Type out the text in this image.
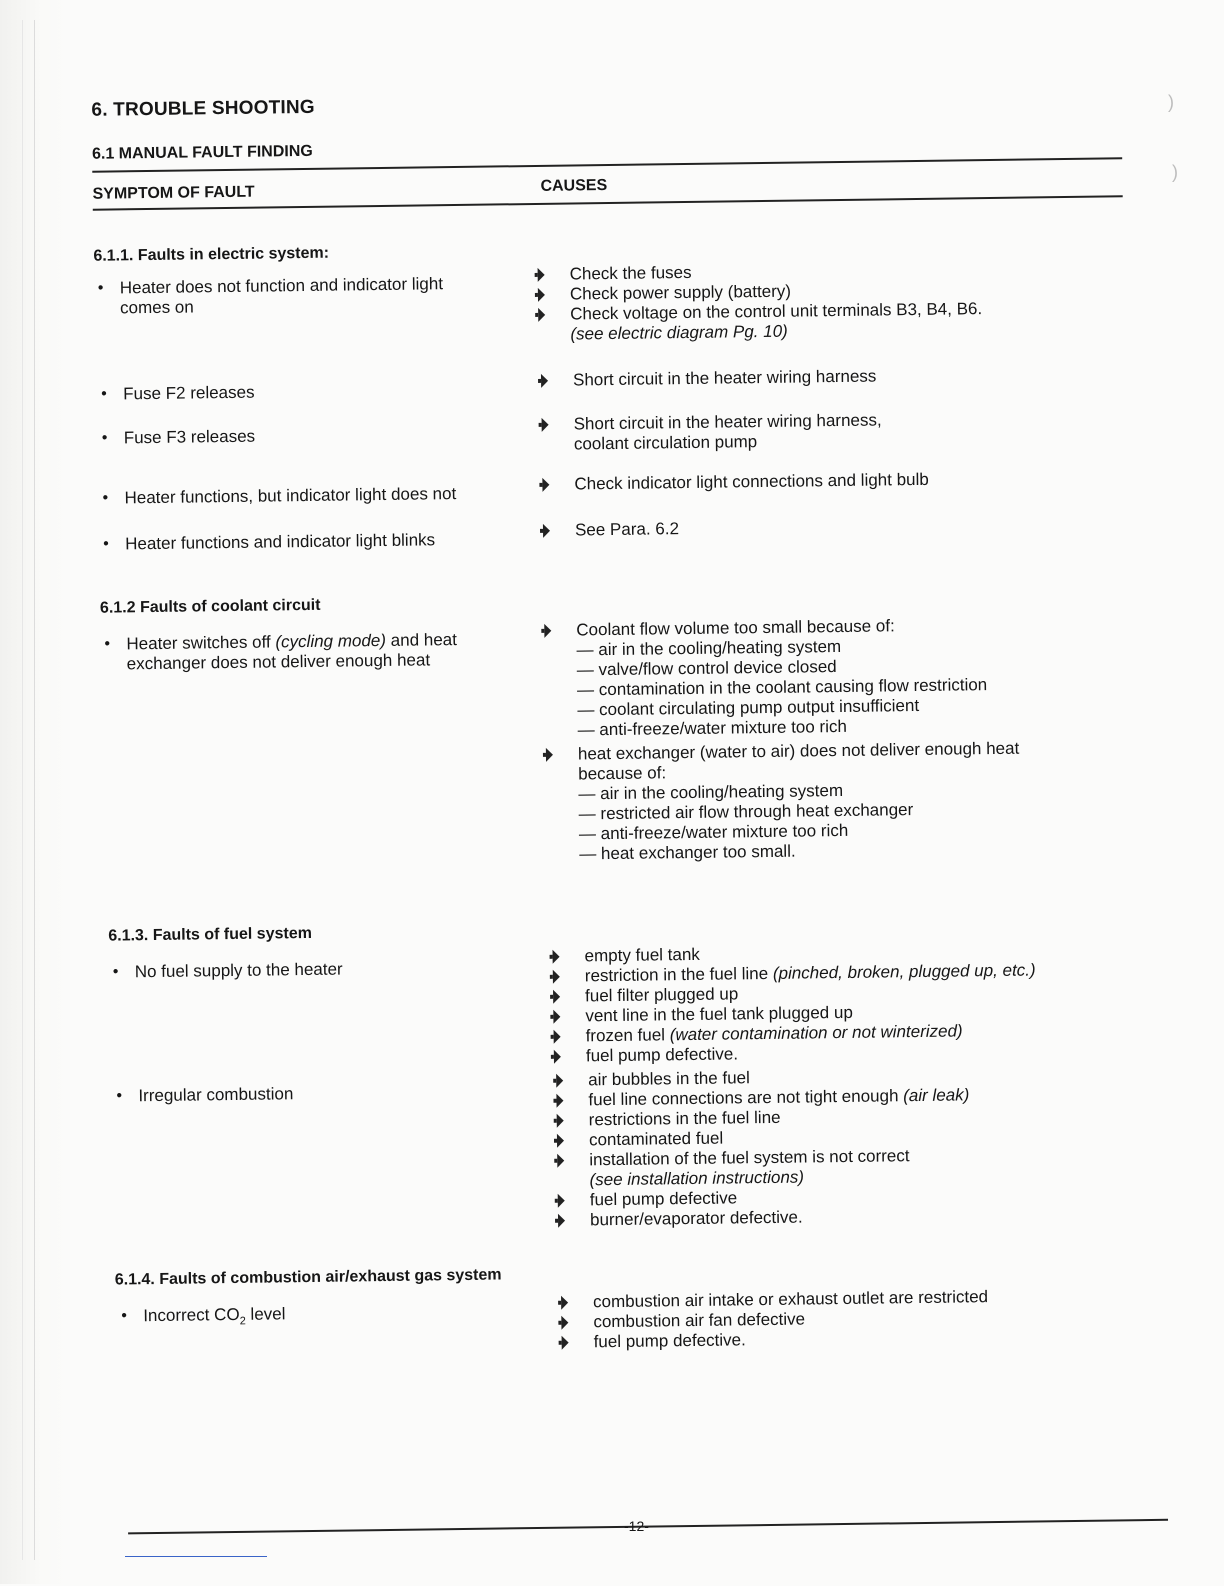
)
)
6. TROUBLE SHOOTING
6.1 MANUAL FAULT FINDING
SYMPTOM OF FAULT	CAUSES
6.1.1. Faults in electric system:
• Heater does not function and indicator light
comes on
Check the fuses
Check power supply (battery)
Check voltage on the control unit terminals B3, B4, B6.
(see electric diagram Pg. 10)
• Fuse F2 releases
Short circuit in the heater wiring harness
• Fuse F3 releases
Short circuit in the heater wiring harness,
coolant circulation pump
• Heater functions, but indicator light does not
Check indicator light connections and light bulb
• Heater functions and indicator light blinks
See Para. 6.2
6.1.2 Faults of coolant circuit
• Heater switches off (cycling mode) and heat
exchanger does not deliver enough heat
Coolant flow volume too small because of:
— air in the cooling/heating system
— valve/flow control device closed
— contamination in the coolant causing flow restriction
— coolant circulating pump output insufficient
— anti-freeze/water mixture too rich
heat exchanger (water to air) does not deliver enough heat
because of:
— air in the cooling/heating system
— restricted air flow through heat exchanger
— anti-freeze/water mixture too rich
— heat exchanger too small.
6.1.3. Faults of fuel system
• No fuel supply to the heater
empty fuel tank
restriction in the fuel line (pinched, broken, plugged up, etc.)
fuel filter plugged up
vent line in the fuel tank plugged up
frozen fuel (water contamination or not winterized)
fuel pump defective.
• Irregular combustion
air bubbles in the fuel
fuel line connections are not tight enough (air leak)
restrictions in the fuel line
contaminated fuel
installation of the fuel system is not correct
(see installation instructions)
fuel pump defective
burner/evaporator defective.
6.1.4. Faults of combustion air/exhaust gas system
• Incorrect $CO_2$ level
combustion air intake or exhaust outlet are restricted
combustion air fan defective
fuel pump defective.
-12-
